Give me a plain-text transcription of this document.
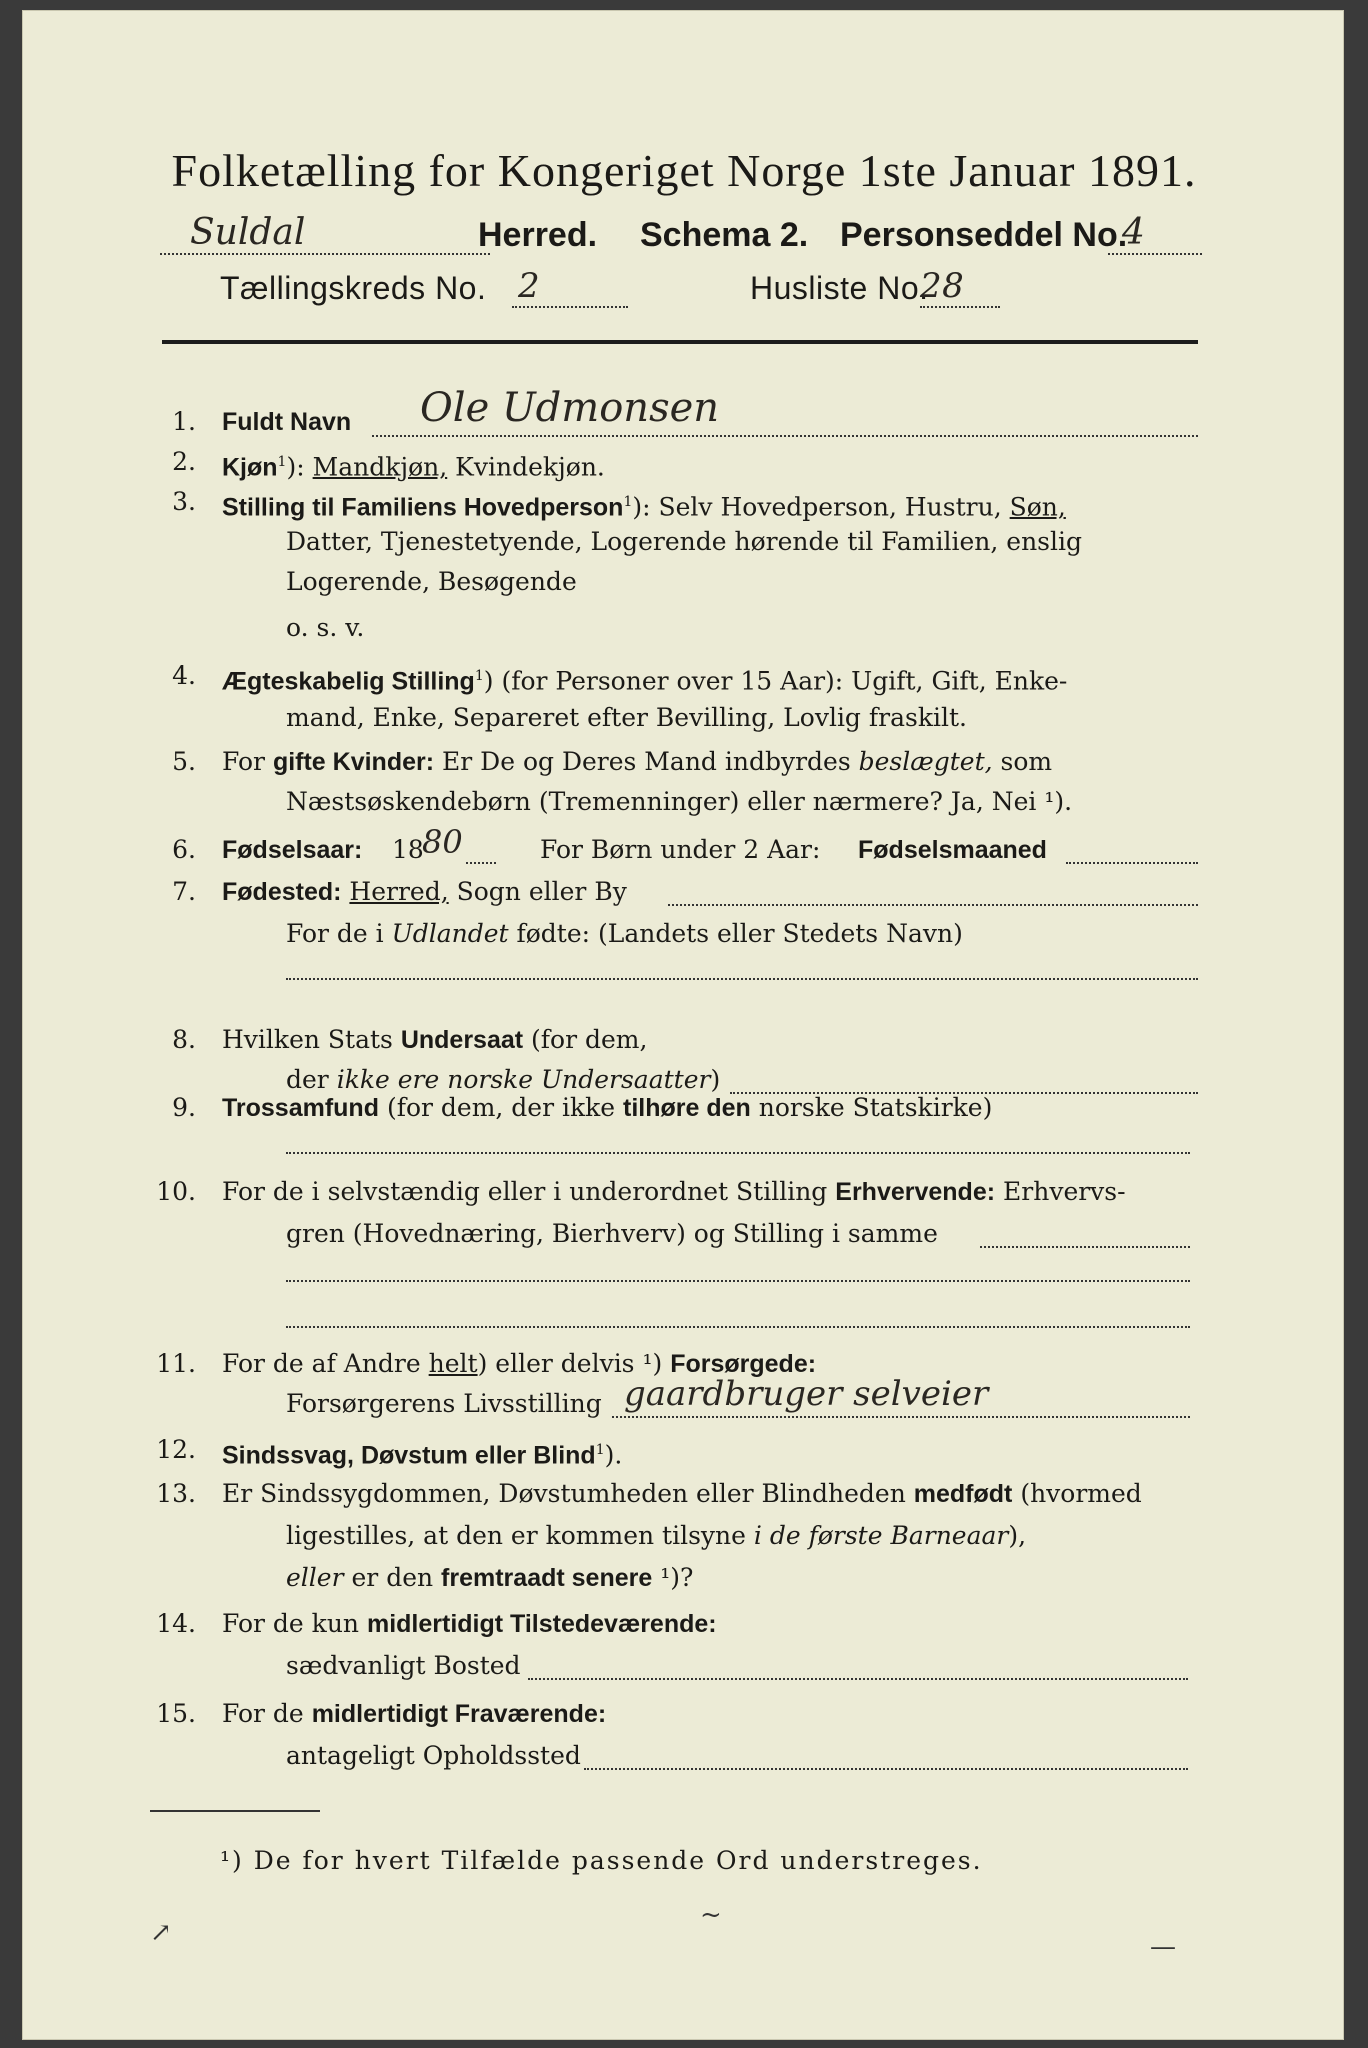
Folketælling for Kongeriget Norge 1ste Januar 1891.
Suldal	Herred. Schema 2. Personseddel No.
4
Tællingskreds No. 2	Husliste No.
28
1. Fuldt Navn Ole Udmonsen
2. Kjøn$^1$): Mandkjøn, Kvindekjøn.
3. Stilling til Familiens Hovedperson$^1$): Selv Hovedperson, Hustru, Søn,
Datter, Tjenestetyende, Logerende hørende til Familien, enslig
Logerende, Besøgende
o. s. v.
4. Ægteskabelig Stilling$^1$) (for Personer over 15 Aar): Ugift, Gift, Enke-
mand, Enke, Separeret efter Bevilling, Lovlig fraskilt.
5. For gifte Kvinder: Er De og Deres Mand indbyrdes beslægtet, som
Næstsøskendebørn (Tremenninger) eller nærmere? Ja, Nei ¹).
6. Fødselsaar: 18
80	For Børn under 2 Aar: Fødselsmaaned
7. Fødested: Herred, Sogn eller By
For de i Udlandet fødte: (Landets eller Stedets Navn)
8. Hvilken Stats Undersaat (for dem,
der ikke ere norske Undersaatter)
9. Trossamfund (for dem, der ikke tilhøre den norske Statskirke)
10. For de i selvstændig eller i underordnet Stilling Erhvervende: Erhvervs-
gren (Hovednæring, Bierhverv) og Stilling i samme
11. For de af Andre helt) eller delvis ¹) Forsørgede:
Forsørgerens Livsstilling gaardbruger selveier
12. Sindssvag, Døvstum eller Blind$^1$).
13. Er Sindssygdommen, Døvstumheden eller Blindheden medfødt (hvormed
ligestilles, at den er kommen tilsyne i de første Barneaar),
eller er den fremtraadt senere ¹)?
14. For de kun midlertidigt Tilstedeværende:
sædvanligt Bosted
15. For de midlertidigt Fraværende:
antageligt Opholdssted
¹) De for hvert Tilfælde passende Ord understreges.
↗
~
—
